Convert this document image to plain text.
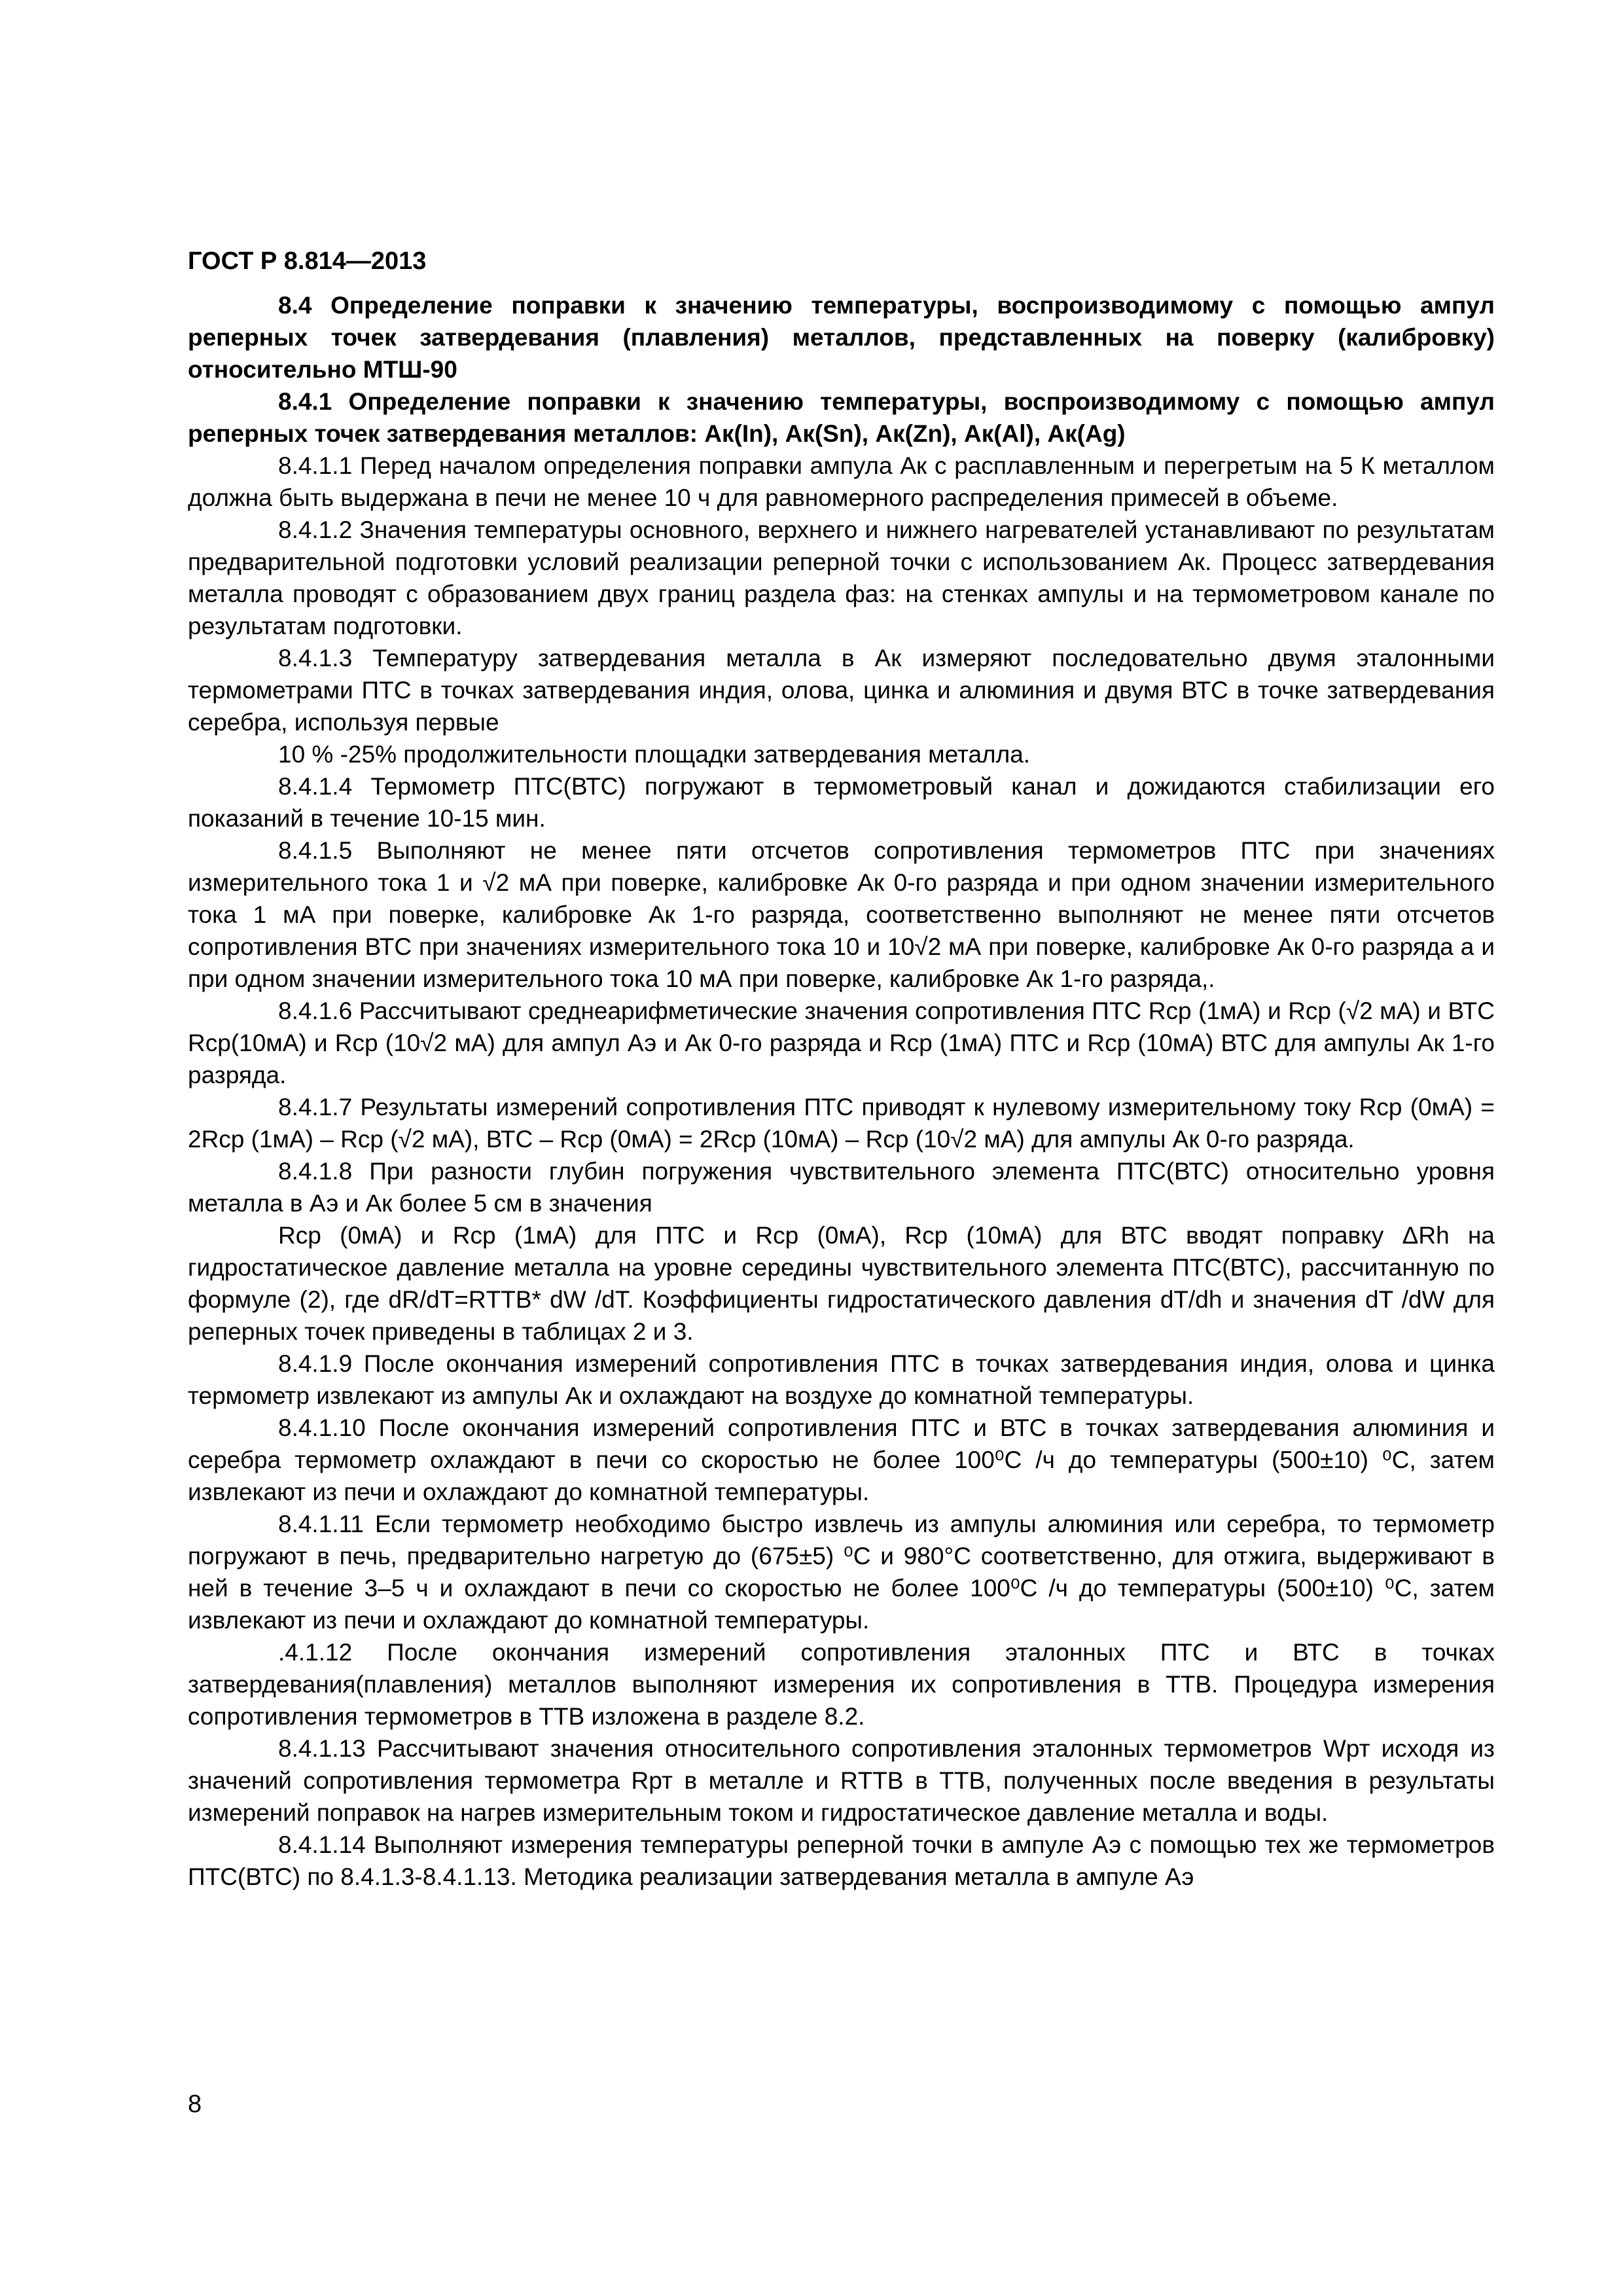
ГОСТ Р 8.814—2013

8.4 Определение поправки к значению температуры, воспроизводимому с помощью ампул реперных точек затвердевания (плавления) металлов, представленных на поверку (калибровку) относительно МТШ-90

8.4.1 Определение поправки к значению температуры, воспроизводимому с помощью ампул реперных точек затвердевания металлов: Ак(In), Ак(Sn), Ак(Zn), Ак(Al), Ак(Ag)

8.4.1.1 Перед началом определения поправки ампула Ак с расплавленным и перегретым на 5 К металлом должна быть выдержана в печи не менее 10 ч для равномерного распределения примесей в объеме.

8.4.1.2 Значения температуры основного, верхнего и нижнего нагревателей устанавливают по результатам предварительной подготовки условий реализации реперной точки с использованием Ак. Процесс затвердевания металла проводят с образованием двух границ раздела фаз: на стенках ампулы и на термометровом канале по результатам подготовки.

8.4.1.3 Температуру затвердевания металла в Ак измеряют последовательно двумя эталонными термометрами ПТС в точках затвердевания индия, олова, цинка и алюминия и двумя ВТС в точке затвердевания серебра, используя первые

10 % -25% продолжительности площадки затвердевания металла.

8.4.1.4 Термометр ПТС(ВТС) погружают в термометровый канал и дожидаются стабилизации его показаний в течение 10-15 мин.

8.4.1.5 Выполняют не менее пяти отсчетов сопротивления термометров ПТС при значениях измерительного тока 1 и √2 мА при поверке, калибровке Ак 0-го разряда и при одном значении измерительного тока 1 мА при поверке, калибровке Ак 1-го разряда, соответственно выполняют не менее пяти отсчетов сопротивления ВТС при значениях измерительного тока 10 и 10√2 мА при поверке, калибровке Ак 0-го разряда а и при одном значении измерительного тока 10 мА при поверке, калибровке Ак 1-го разряда,.

8.4.1.6 Рассчитывают среднеарифметические значения сопротивления ПТС Rср (1мА) и Rср (√2 мА) и ВТС Rср(10мА) и Rср (10√2 мА) для ампул Аэ и Ак 0-го разряда и Rср (1мА) ПТС и Rср (10мА) ВТС для ампулы Ак 1-го разряда.

8.4.1.7 Результаты измерений сопротивления ПТС приводят к нулевому измерительному току Rср (0мА) = 2Rср (1мА) – Rср (√2 мА), ВТС – Rср (0мА) = 2Rср (10мА) – Rср (10√2 мА) для ампулы Ак 0-го разряда.

8.4.1.8 При разности глубин погружения чувствительного элемента ПТС(ВТС) относительно уровня металла в Аэ и Ак более 5 см в значения

Rср (0мА) и Rср (1мА) для ПТС и Rср (0мА), Rср (10мА) для ВТС вводят поправку ΔRh на гидростатическое давление металла на уровне середины чувствительного элемента ПТС(ВТС), рассчитанную по формуле (2), где dR/dT=RТТВ* dW /dT. Коэффициенты гидростатического давления dT/dh и значения dT /dW для реперных точек приведены в таблицах 2 и 3.

8.4.1.9 После окончания измерений сопротивления ПТС в точках затвердевания индия, олова и цинка термометр извлекают из ампулы Ак и охлаждают на воздухе до комнатной температуры.

8.4.1.10 После окончания измерений сопротивления ПТС и ВТС в точках затвердевания алюминия и серебра термометр охлаждают в печи со скоростью не более 100⁰С /ч до температуры (500±10) ⁰С, затем извлекают из печи и охлаждают до комнатной температуры.

8.4.1.11 Если термометр необходимо быстро извлечь из ампулы алюминия или серебра, то термометр погружают в печь, предварительно нагретую до (675±5) ⁰С и 980°С соответственно, для отжига, выдерживают в ней в течение 3–5 ч и охлаждают в печи со скоростью не более 100⁰С /ч до температуры (500±10) ⁰С, затем извлекают из печи и охлаждают до комнатной температуры.

.4.1.12 После окончания измерений сопротивления эталонных ПТС и ВТС в точках затвердевания(плавления) металлов выполняют измерения их сопротивления в ТТВ. Процедура измерения сопротивления термометров в ТТВ изложена в разделе 8.2.

8.4.1.13 Рассчитывают значения относительного сопротивления эталонных термометров Wрт исходя из значений сопротивления термометра Rрт в металле и RТТВ в ТТВ, полученных после введения в результаты измерений поправок на нагрев измерительным током и гидростатическое давление металла и воды.

8.4.1.14 Выполняют измерения температуры реперной точки в ампуле Аэ с помощью тех же термометров ПТС(ВТС) по 8.4.1.3-8.4.1.13. Методика реализации затвердевания металла в ампуле Аэ

8
